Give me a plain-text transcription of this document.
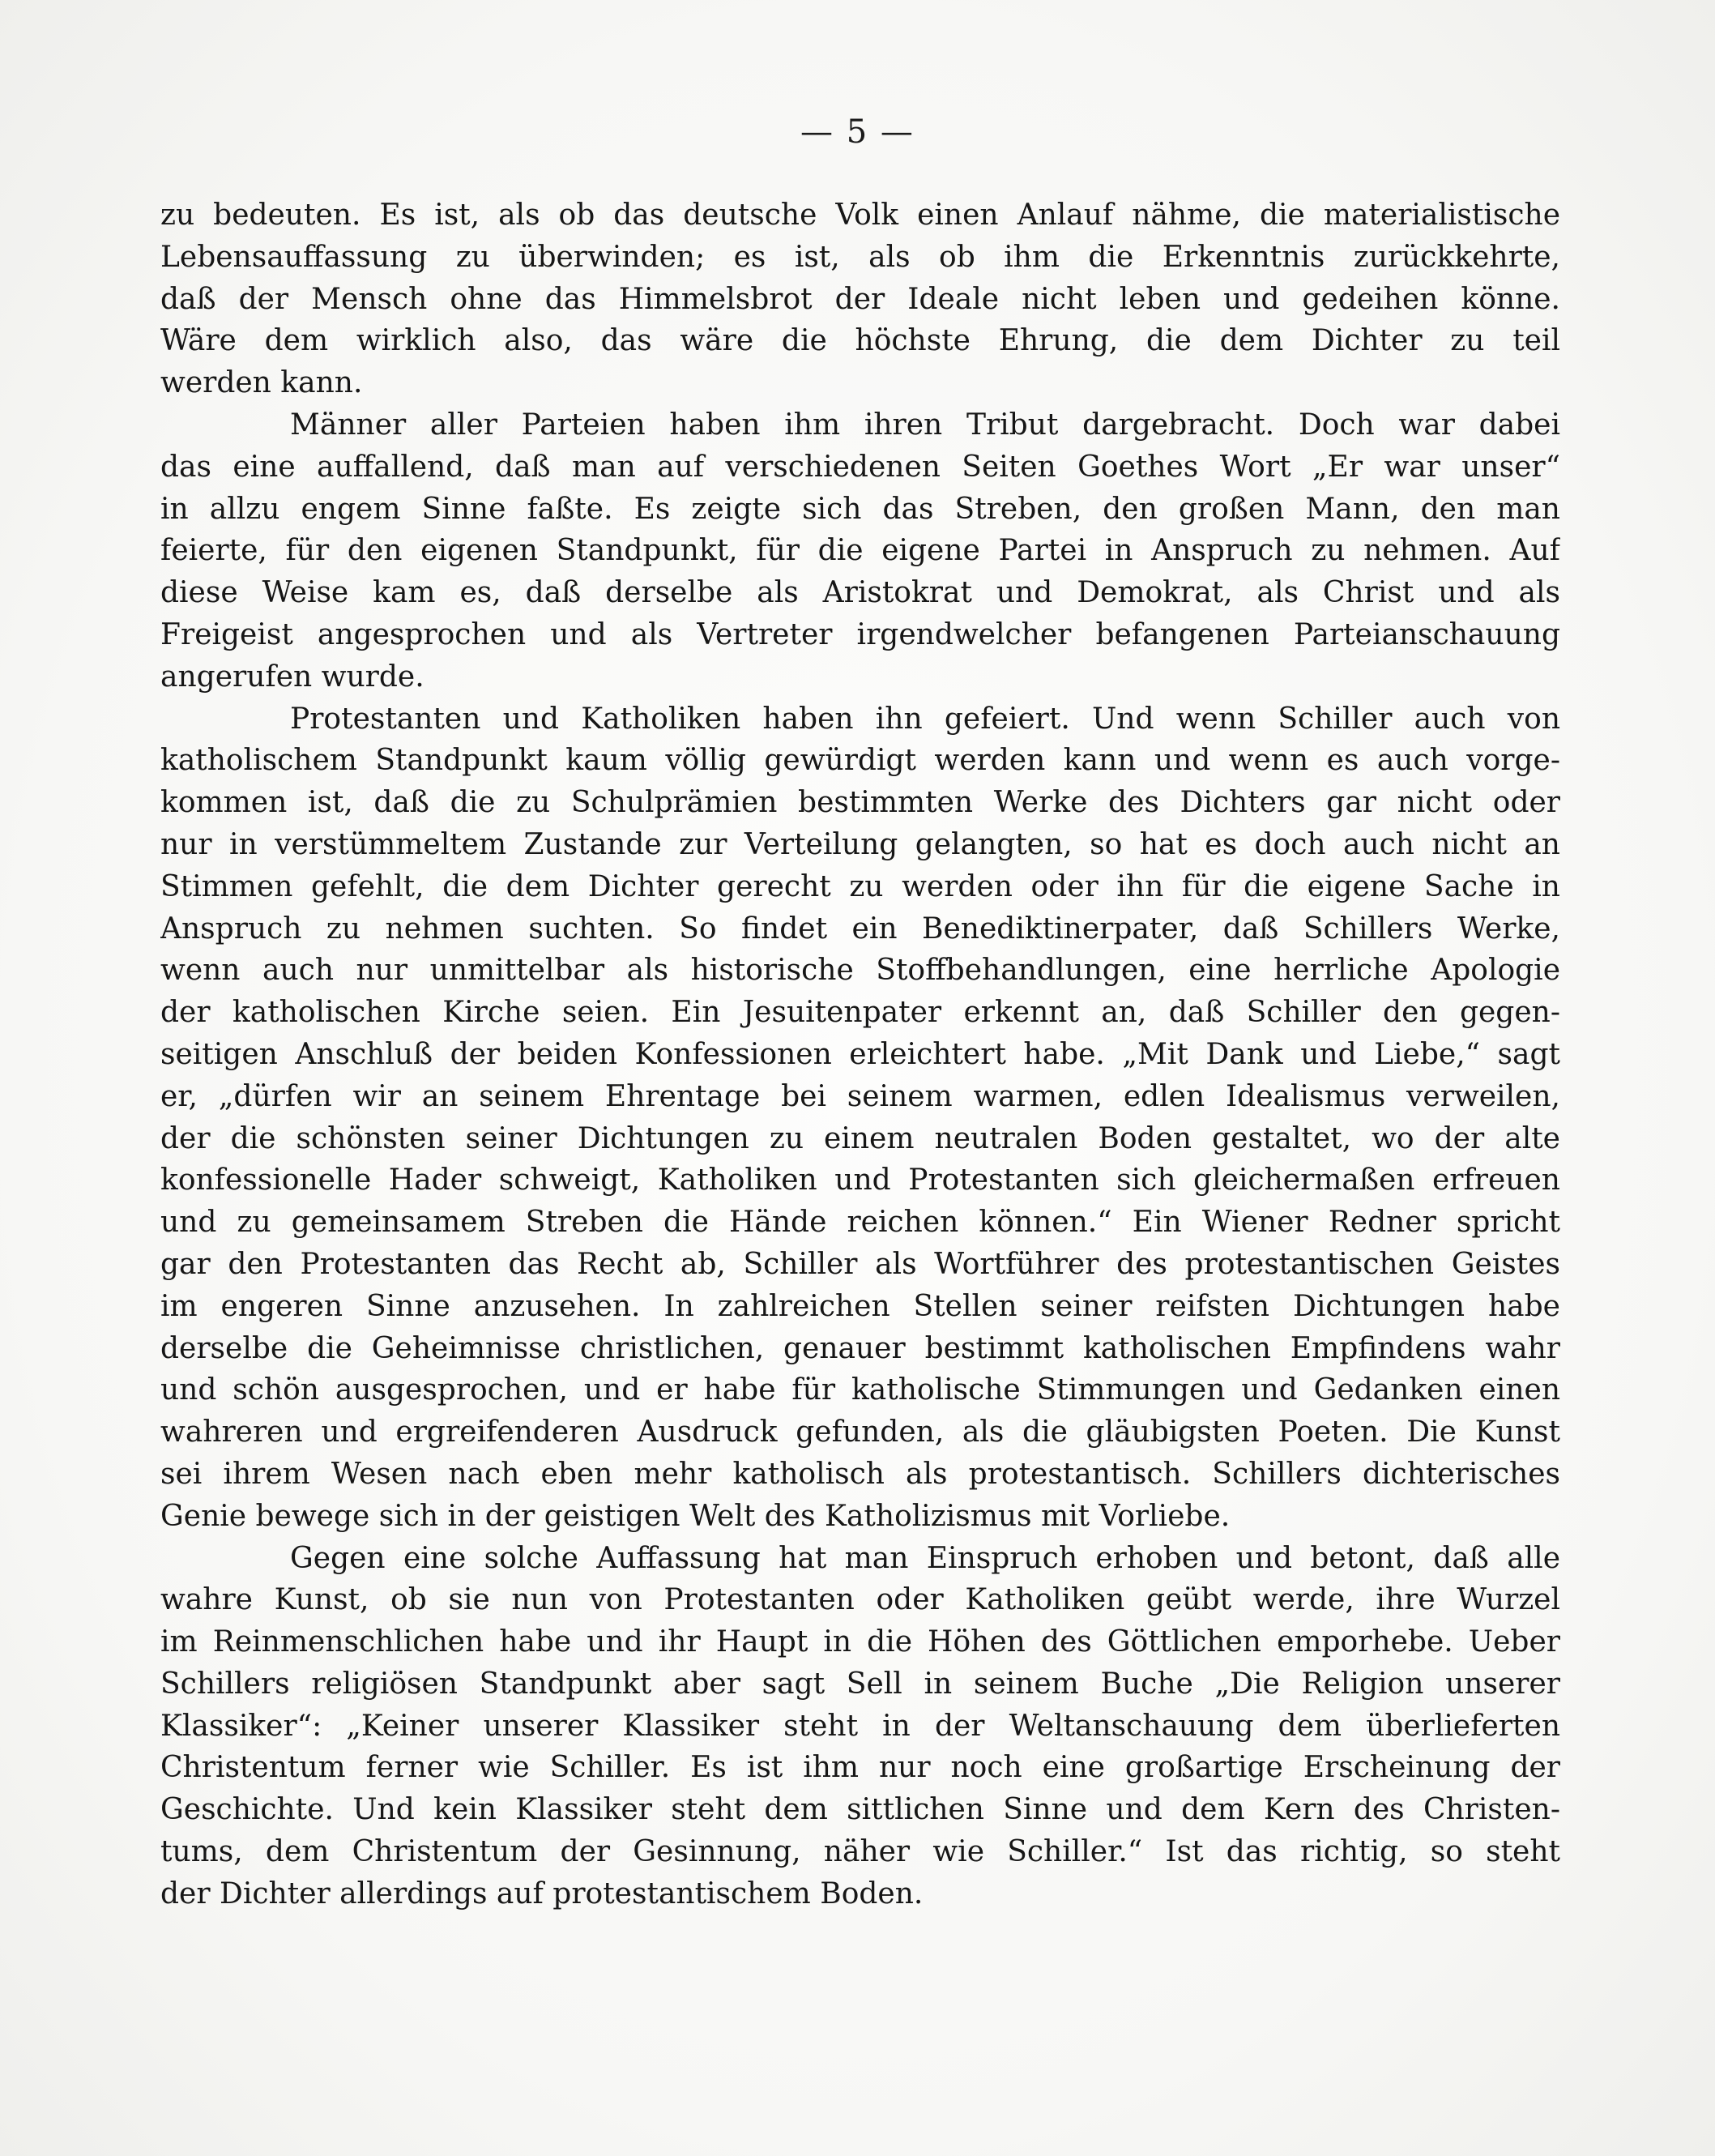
— 5 —
zu bedeuten. Es ist, als ob das deutsche Volk einen Anlauf nähme, die materialistische
Lebensauffassung zu überwinden; es ist, als ob ihm die Erkenntnis zurückkehrte,
daß der Mensch ohne das Himmelsbrot der Ideale nicht leben und gedeihen könne.
Wäre dem wirklich also, das wäre die höchste Ehrung, die dem Dichter zu teil
werden kann.
Männer aller Parteien haben ihm ihren Tribut dargebracht. Doch war dabei
das eine auffallend, daß man auf verschiedenen Seiten Goethes Wort „Er war unser“
in allzu engem Sinne faßte. Es zeigte sich das Streben, den großen Mann, den man
feierte, für den eigenen Standpunkt, für die eigene Partei in Anspruch zu nehmen. Auf
diese Weise kam es, daß derselbe als Aristokrat und Demokrat, als Christ und als
Freigeist angesprochen und als Vertreter irgendwelcher befangenen Parteianschauung
angerufen wurde.
Protestanten und Katholiken haben ihn gefeiert. Und wenn Schiller auch von
katholischem Standpunkt kaum völlig gewürdigt werden kann und wenn es auch vorge-
kommen ist, daß die zu Schulprämien bestimmten Werke des Dichters gar nicht oder
nur in verstümmeltem Zustande zur Verteilung gelangten, so hat es doch auch nicht an
Stimmen gefehlt, die dem Dichter gerecht zu werden oder ihn für die eigene Sache in
Anspruch zu nehmen suchten. So findet ein Benediktinerpater, daß Schillers Werke,
wenn auch nur unmittelbar als historische Stoffbehandlungen, eine herrliche Apologie
der katholischen Kirche seien. Ein Jesuitenpater erkennt an, daß Schiller den gegen-
seitigen Anschluß der beiden Konfessionen erleichtert habe. „Mit Dank und Liebe,“ sagt
er, „dürfen wir an seinem Ehrentage bei seinem warmen, edlen Idealismus verweilen,
der die schönsten seiner Dichtungen zu einem neutralen Boden gestaltet, wo der alte
konfessionelle Hader schweigt, Katholiken und Protestanten sich gleichermaßen erfreuen
und zu gemeinsamem Streben die Hände reichen können.“ Ein Wiener Redner spricht
gar den Protestanten das Recht ab, Schiller als Wortführer des protestantischen Geistes
im engeren Sinne anzusehen. In zahlreichen Stellen seiner reifsten Dichtungen habe
derselbe die Geheimnisse christlichen, genauer bestimmt katholischen Empfindens wahr
und schön ausgesprochen, und er habe für katholische Stimmungen und Gedanken einen
wahreren und ergreifenderen Ausdruck gefunden, als die gläubigsten Poeten. Die Kunst
sei ihrem Wesen nach eben mehr katholisch als protestantisch. Schillers dichterisches
Genie bewege sich in der geistigen Welt des Katholizismus mit Vorliebe.
Gegen eine solche Auffassung hat man Einspruch erhoben und betont, daß alle
wahre Kunst, ob sie nun von Protestanten oder Katholiken geübt werde, ihre Wurzel
im Reinmenschlichen habe und ihr Haupt in die Höhen des Göttlichen emporhebe. Ueber
Schillers religiösen Standpunkt aber sagt Sell in seinem Buche „Die Religion unserer
Klassiker“: „Keiner unserer Klassiker steht in der Weltanschauung dem überlieferten
Christentum ferner wie Schiller. Es ist ihm nur noch eine großartige Erscheinung der
Geschichte. Und kein Klassiker steht dem sittlichen Sinne und dem Kern des Christen-
tums, dem Christentum der Gesinnung, näher wie Schiller.“ Ist das richtig, so steht
der Dichter allerdings auf protestantischem Boden.
